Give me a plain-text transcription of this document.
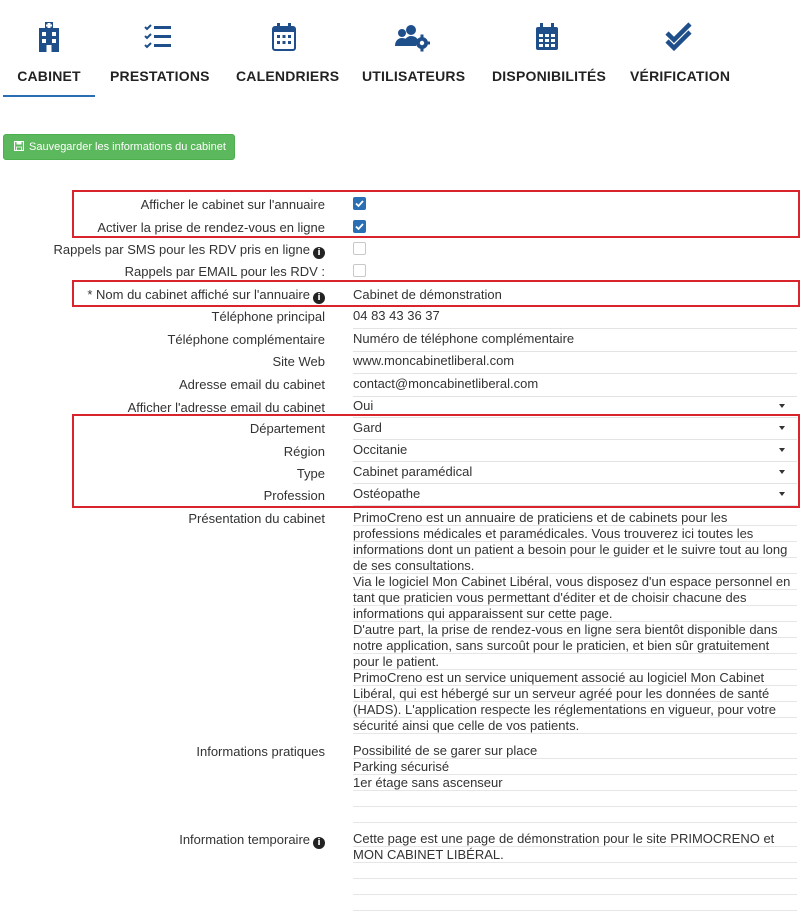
CABINET	PRESTATIONS CALENDRIERS UTILISATEURS DISPONIBILITÉS VÉRIFICATION
Sauvegarder les informations du cabinet
Afficher le cabinet sur l'annuaire
Activer la prise de rendez-vous en ligne
Rappels par SMS pour les RDV pris en ligne i
Rappels par EMAIL pour les RDV :
* Nom du cabinet affiché sur l'annuaire i	Cabinet de démonstration
Téléphone principal 04 83 43 36 37
Téléphone complémentaire Numéro de téléphone complémentaire
Site Web www.moncabinetliberal.com
Adresse email du cabinet contact@moncabinetliberal.com
Afficher l'adresse email du cabinet Oui
Département Gard
Région Occitanie
Type Cabinet paramédical
Profession Ostéopathe
Présentation du cabinet PrimoCreno est un annuaire de praticiens et de cabinets pour les
professions médicales et paramédicales. Vous trouverez ici toutes les
informations dont un patient a besoin pour le guider et le suivre tout au long
de ses consultations.
Via le logiciel Mon Cabinet Libéral, vous disposez d'un espace personnel en
tant que praticien vous permettant d'éditer et de choisir chacune des
informations qui apparaissent sur cette page.
D'autre part, la prise de rendez-vous en ligne sera bientôt disponible dans
notre application, sans surcoût pour le praticien, et bien sûr gratuitement
pour le patient.
PrimoCreno est un service uniquement associé au logiciel Mon Cabinet
Libéral, qui est hébergé sur un serveur agréé pour les données de santé
(HADS). L'application respecte les réglementations en vigueur, pour votre
sécurité ainsi que celle de vos patients.
Informations pratiques Possibilité de se garer sur place
Parking sécurisé
1er étage sans ascenseur
Information temporaire i	Cette page est une page de démonstration pour le site PRIMOCRENO et
MON CABINET LIBÉRAL.
